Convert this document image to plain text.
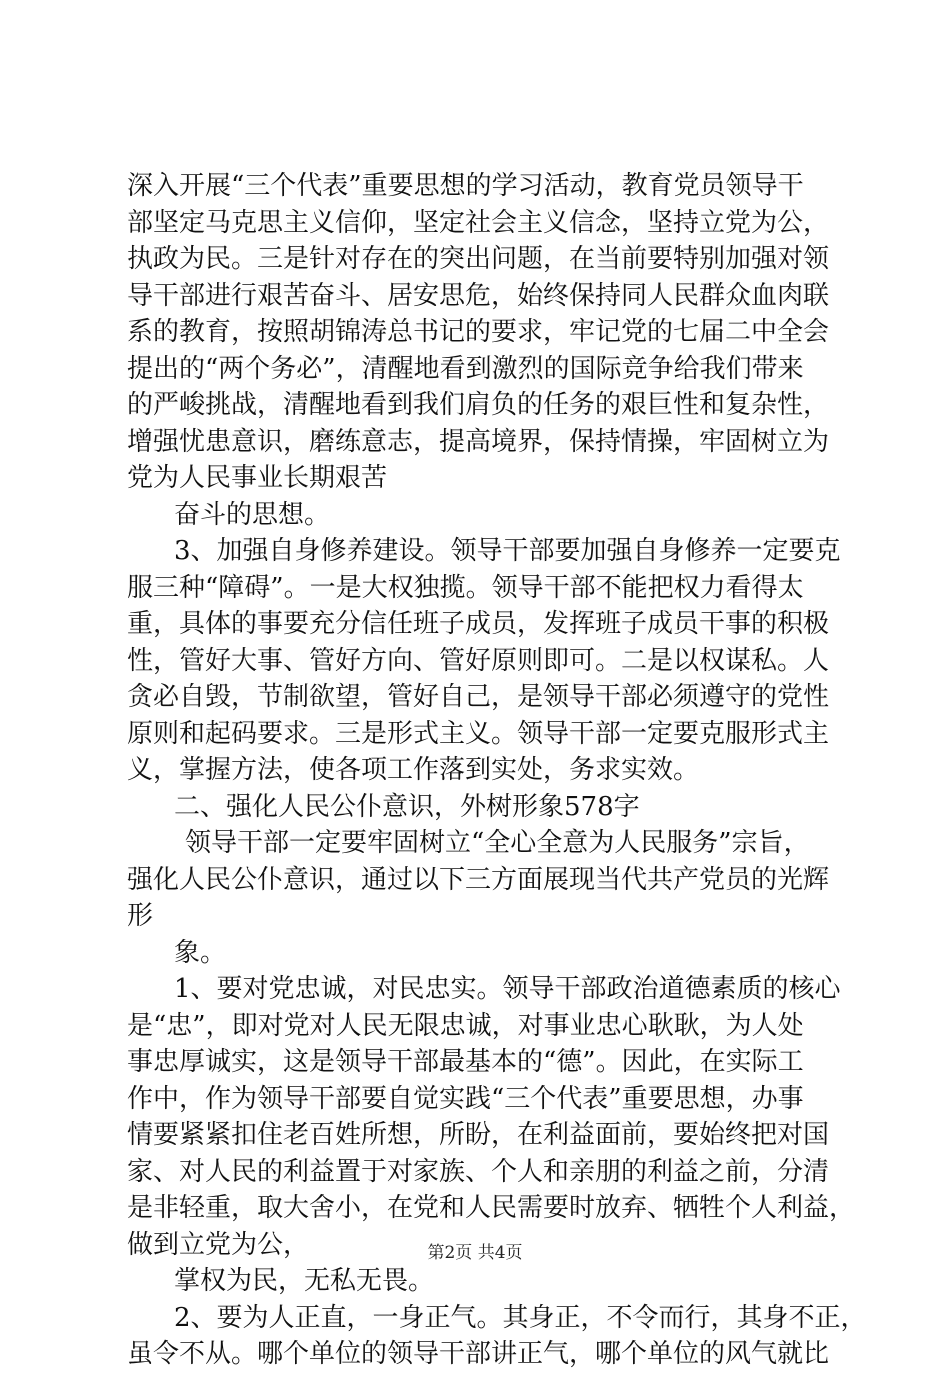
深入开展“三个代表”重要思想的学习活动，教育党员领导干
部坚定马克思主义信仰，坚定社会主义信念，坚持立党为公，
执政为民。三是针对存在的突出问题，在当前要特别加强对领
导干部进行艰苦奋斗、居安思危，始终保持同人民群众血肉联
系的教育，按照胡锦涛总书记的要求，牢记党的七届二中全会
提出的“两个务必”，清醒地看到激烈的国际竞争给我们带来
的严峻挑战，清醒地看到我们肩负的任务的艰巨性和复杂性，
增强忧患意识，磨练意志，提高境界，保持情操，牢固树立为
党为人民事业长期艰苦
奋斗的思想。
3、加强自身修养建设。领导干部要加强自身修养一定要克
服三种“障碍”。一是大权独揽。领导干部不能把权力看得太
重，具体的事要充分信任班子成员，发挥班子成员干事的积极
性，管好大事、管好方向、管好原则即可。二是以权谋私。人
贪必自毁，节制欲望，管好自己，是领导干部必须遵守的党性
原则和起码要求。三是形式主义。领导干部一定要克服形式主
义，掌握方法，使各项工作落到实处，务求实效。
二、强化人民公仆意识，外树形象578字
领导干部一定要牢固树立“全心全意为人民服务”宗旨，
强化人民公仆意识，通过以下三方面展现当代共产党员的光辉
形
象。
1、要对党忠诚，对民忠实。领导干部政治道德素质的核心
是“忠”，即对党对人民无限忠诚，对事业忠心耿耿，为人处
事忠厚诚实，这是领导干部最基本的“德”。因此，在实际工
作中，作为领导干部要自觉实践“三个代表”重要思想，办事
情要紧紧扣住老百姓所想，所盼，在利益面前，要始终把对国
家、对人民的利益置于对家族、个人和亲朋的利益之前，分清
是非轻重，取大舍小，在党和人民需要时放弃、牺牲个人利益，
做到立党为公，
掌权为民，无私无畏。
2、要为人正直，一身正气。其身正，不令而行，其身不正，
虽令不从。哪个单位的领导干部讲正气，哪个单位的风气就比
第2页 共4页
